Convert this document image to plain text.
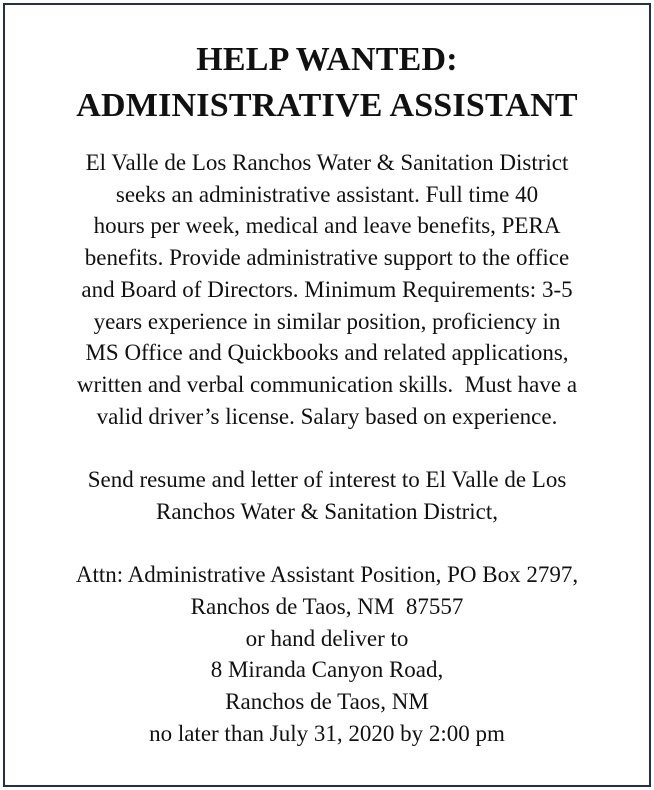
HELP WANTED:
ADMINISTRATIVE ASSISTANT
El Valle de Los Ranchos Water & Sanitation District
seeks an administrative assistant. Full time 40
hours per week, medical and leave benefits, PERA
benefits. Provide administrative support to the office
and Board of Directors. Minimum Requirements: 3-5
years experience in similar position, proficiency in
MS Office and Quickbooks and related applications,
written and verbal communication skills.  Must have a
valid driver’s license. Salary based on experience.
Send resume and letter of interest to El Valle de Los
Ranchos Water & Sanitation District,
Attn: Administrative Assistant Position, PO Box 2797,
Ranchos de Taos, NM  87557
or hand deliver to
8 Miranda Canyon Road,
Ranchos de Taos, NM
no later than July 31, 2020 by 2:00 pm
